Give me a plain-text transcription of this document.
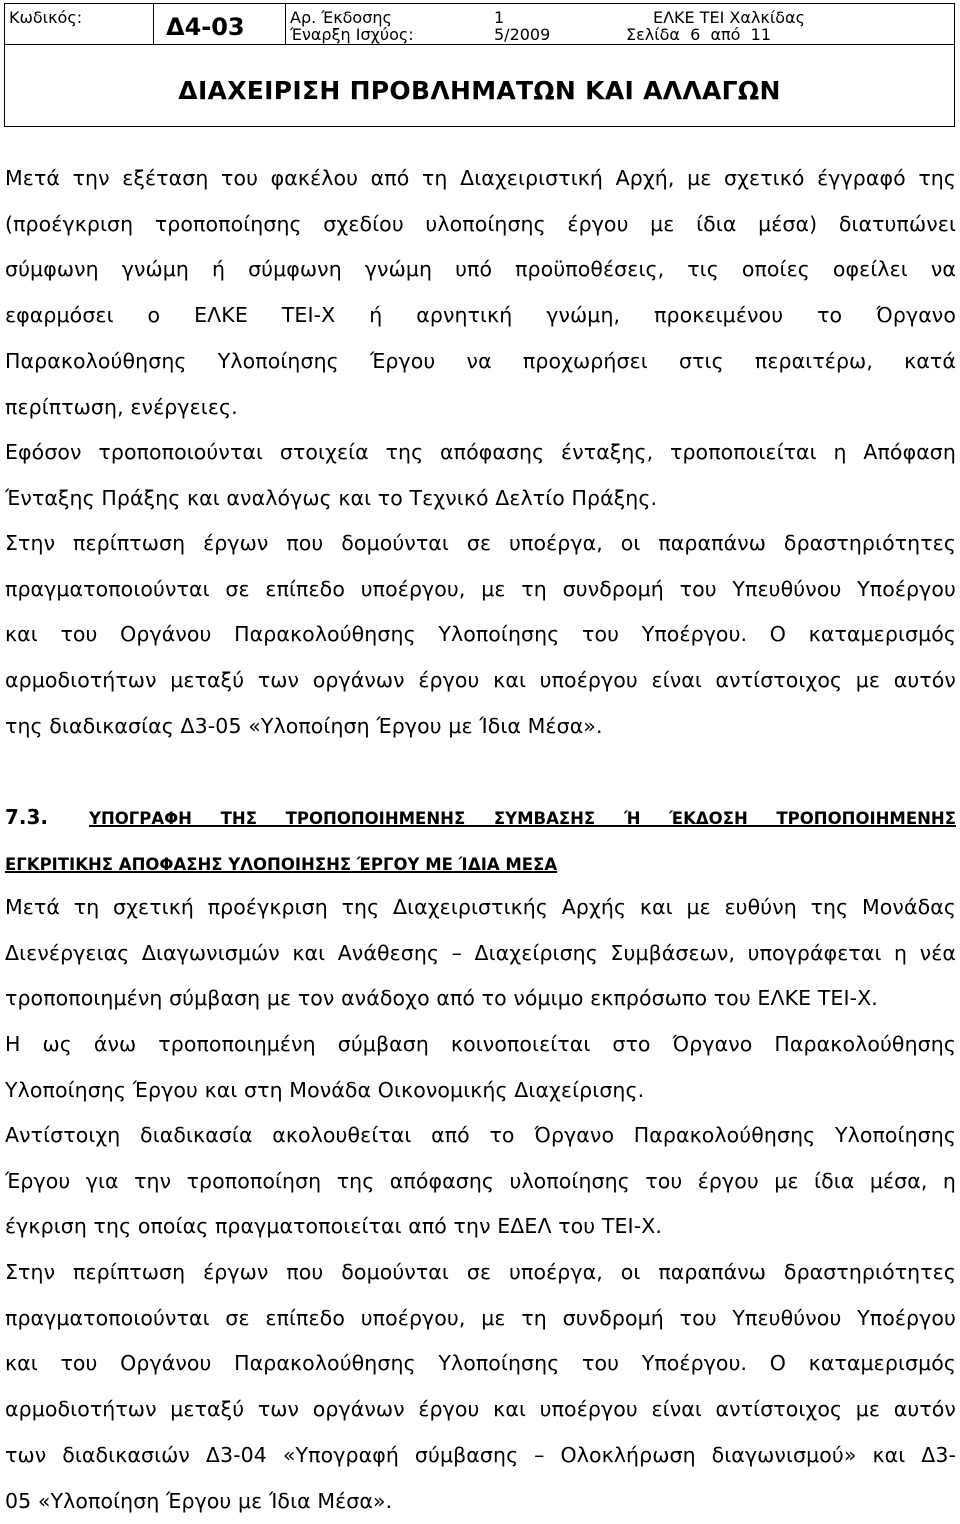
Κωδικός:	Δ4-03	Αρ. Έκδοσης	1	ΕΛΚΕ ΤΕΙ Χαλκίδας
Έναρξη Ισχύος:	5/2009	Σελίδα  6  από  11
ΔΙΑΧΕΙΡΙΣΗ ΠΡΟΒΛΗΜΑΤΩΝ ΚΑΙ ΑΛΛΑΓΩΝ
Μετά την εξέταση του φακέλου από τη Διαχειριστική Αρχή, με σχετικό έγγραφό της
(προέγκριση τροποποίησης σχεδίου υλοποίησης έργου με ίδια μέσα) διατυπώνει
σύμφωνη γνώμη ή σύμφωνη γνώμη υπό προϋποθέσεις, τις οποίες οφείλει να
εφαρμόσει ο ΕΛΚΕ ΤΕΙ-Χ ή αρνητική γνώμη, προκειμένου το Όργανο
Παρακολούθησης Υλοποίησης Έργου να προχωρήσει στις περαιτέρω, κατά
περίπτωση, ενέργειες.
Εφόσον τροποποιούνται στοιχεία της απόφασης ένταξης, τροποποιείται η Απόφαση
Ένταξης Πράξης και αναλόγως και το Τεχνικό Δελτίο Πράξης.
Στην περίπτωση έργων που δομούνται σε υποέργα, οι παραπάνω δραστηριότητες
πραγματοποιούνται σε επίπεδο υποέργου, με τη συνδρομή του Υπευθύνου Υποέργου
και του Οργάνου Παρακολούθησης Υλοποίησης του Υποέργου. Ο καταμερισμός
αρμοδιοτήτων μεταξύ των οργάνων έργου και υποέργου είναι αντίστοιχος με αυτόν
της διαδικασίας Δ3-05 «Υλοποίηση Έργου με Ίδια Μέσα».
7.3. ΥΠΟΓΡΑΦΗ ΤΗΣ ΤΡΟΠΟΠΟΙΗΜΕΝΗΣ ΣΥΜΒΑΣΗΣ Ή ΈΚΔΟΣΗ ΤΡΟΠΟΠΟΙΗΜΕΝΗΣ
ΕΓΚΡΙΤΙΚΗΣ ΑΠΟΦΑΣΗΣ ΥΛΟΠΟΙΗΣΗΣ ΈΡΓΟΥ ΜΕ ΊΔΙΑ ΜΕΣΑ
Μετά τη σχετική προέγκριση της Διαχειριστικής Αρχής και με ευθύνη της Μονάδας
Διενέργειας Διαγωνισμών και Ανάθεσης – Διαχείρισης Συμβάσεων, υπογράφεται η νέα
τροποποιημένη σύμβαση με τον ανάδοχο από το νόμιμο εκπρόσωπο του ΕΛΚΕ ΤΕΙ-Χ.
Η ως άνω τροποποιημένη σύμβαση κοινοποιείται στο Όργανο Παρακολούθησης
Υλοποίησης Έργου και στη Μονάδα Οικονομικής Διαχείρισης.
Αντίστοιχη διαδικασία ακολουθείται από το Όργανο Παρακολούθησης Υλοποίησης
Έργου για την τροποποίηση της απόφασης υλοποίησης του έργου με ίδια μέσα, η
έγκριση της οποίας πραγματοποιείται από την ΕΔΕΛ του ΤΕΙ-Χ.
Στην περίπτωση έργων που δομούνται σε υποέργα, οι παραπάνω δραστηριότητες
πραγματοποιούνται σε επίπεδο υποέργου, με τη συνδρομή του Υπευθύνου Υποέργου
και του Οργάνου Παρακολούθησης Υλοποίησης του Υποέργου. Ο καταμερισμός
αρμοδιοτήτων μεταξύ των οργάνων έργου και υποέργου είναι αντίστοιχος με αυτόν
των διαδικασιών Δ3-04 «Υπογραφή σύμβασης – Ολοκλήρωση διαγωνισμού» και Δ3-
05 «Υλοποίηση Έργου με Ίδια Μέσα».
